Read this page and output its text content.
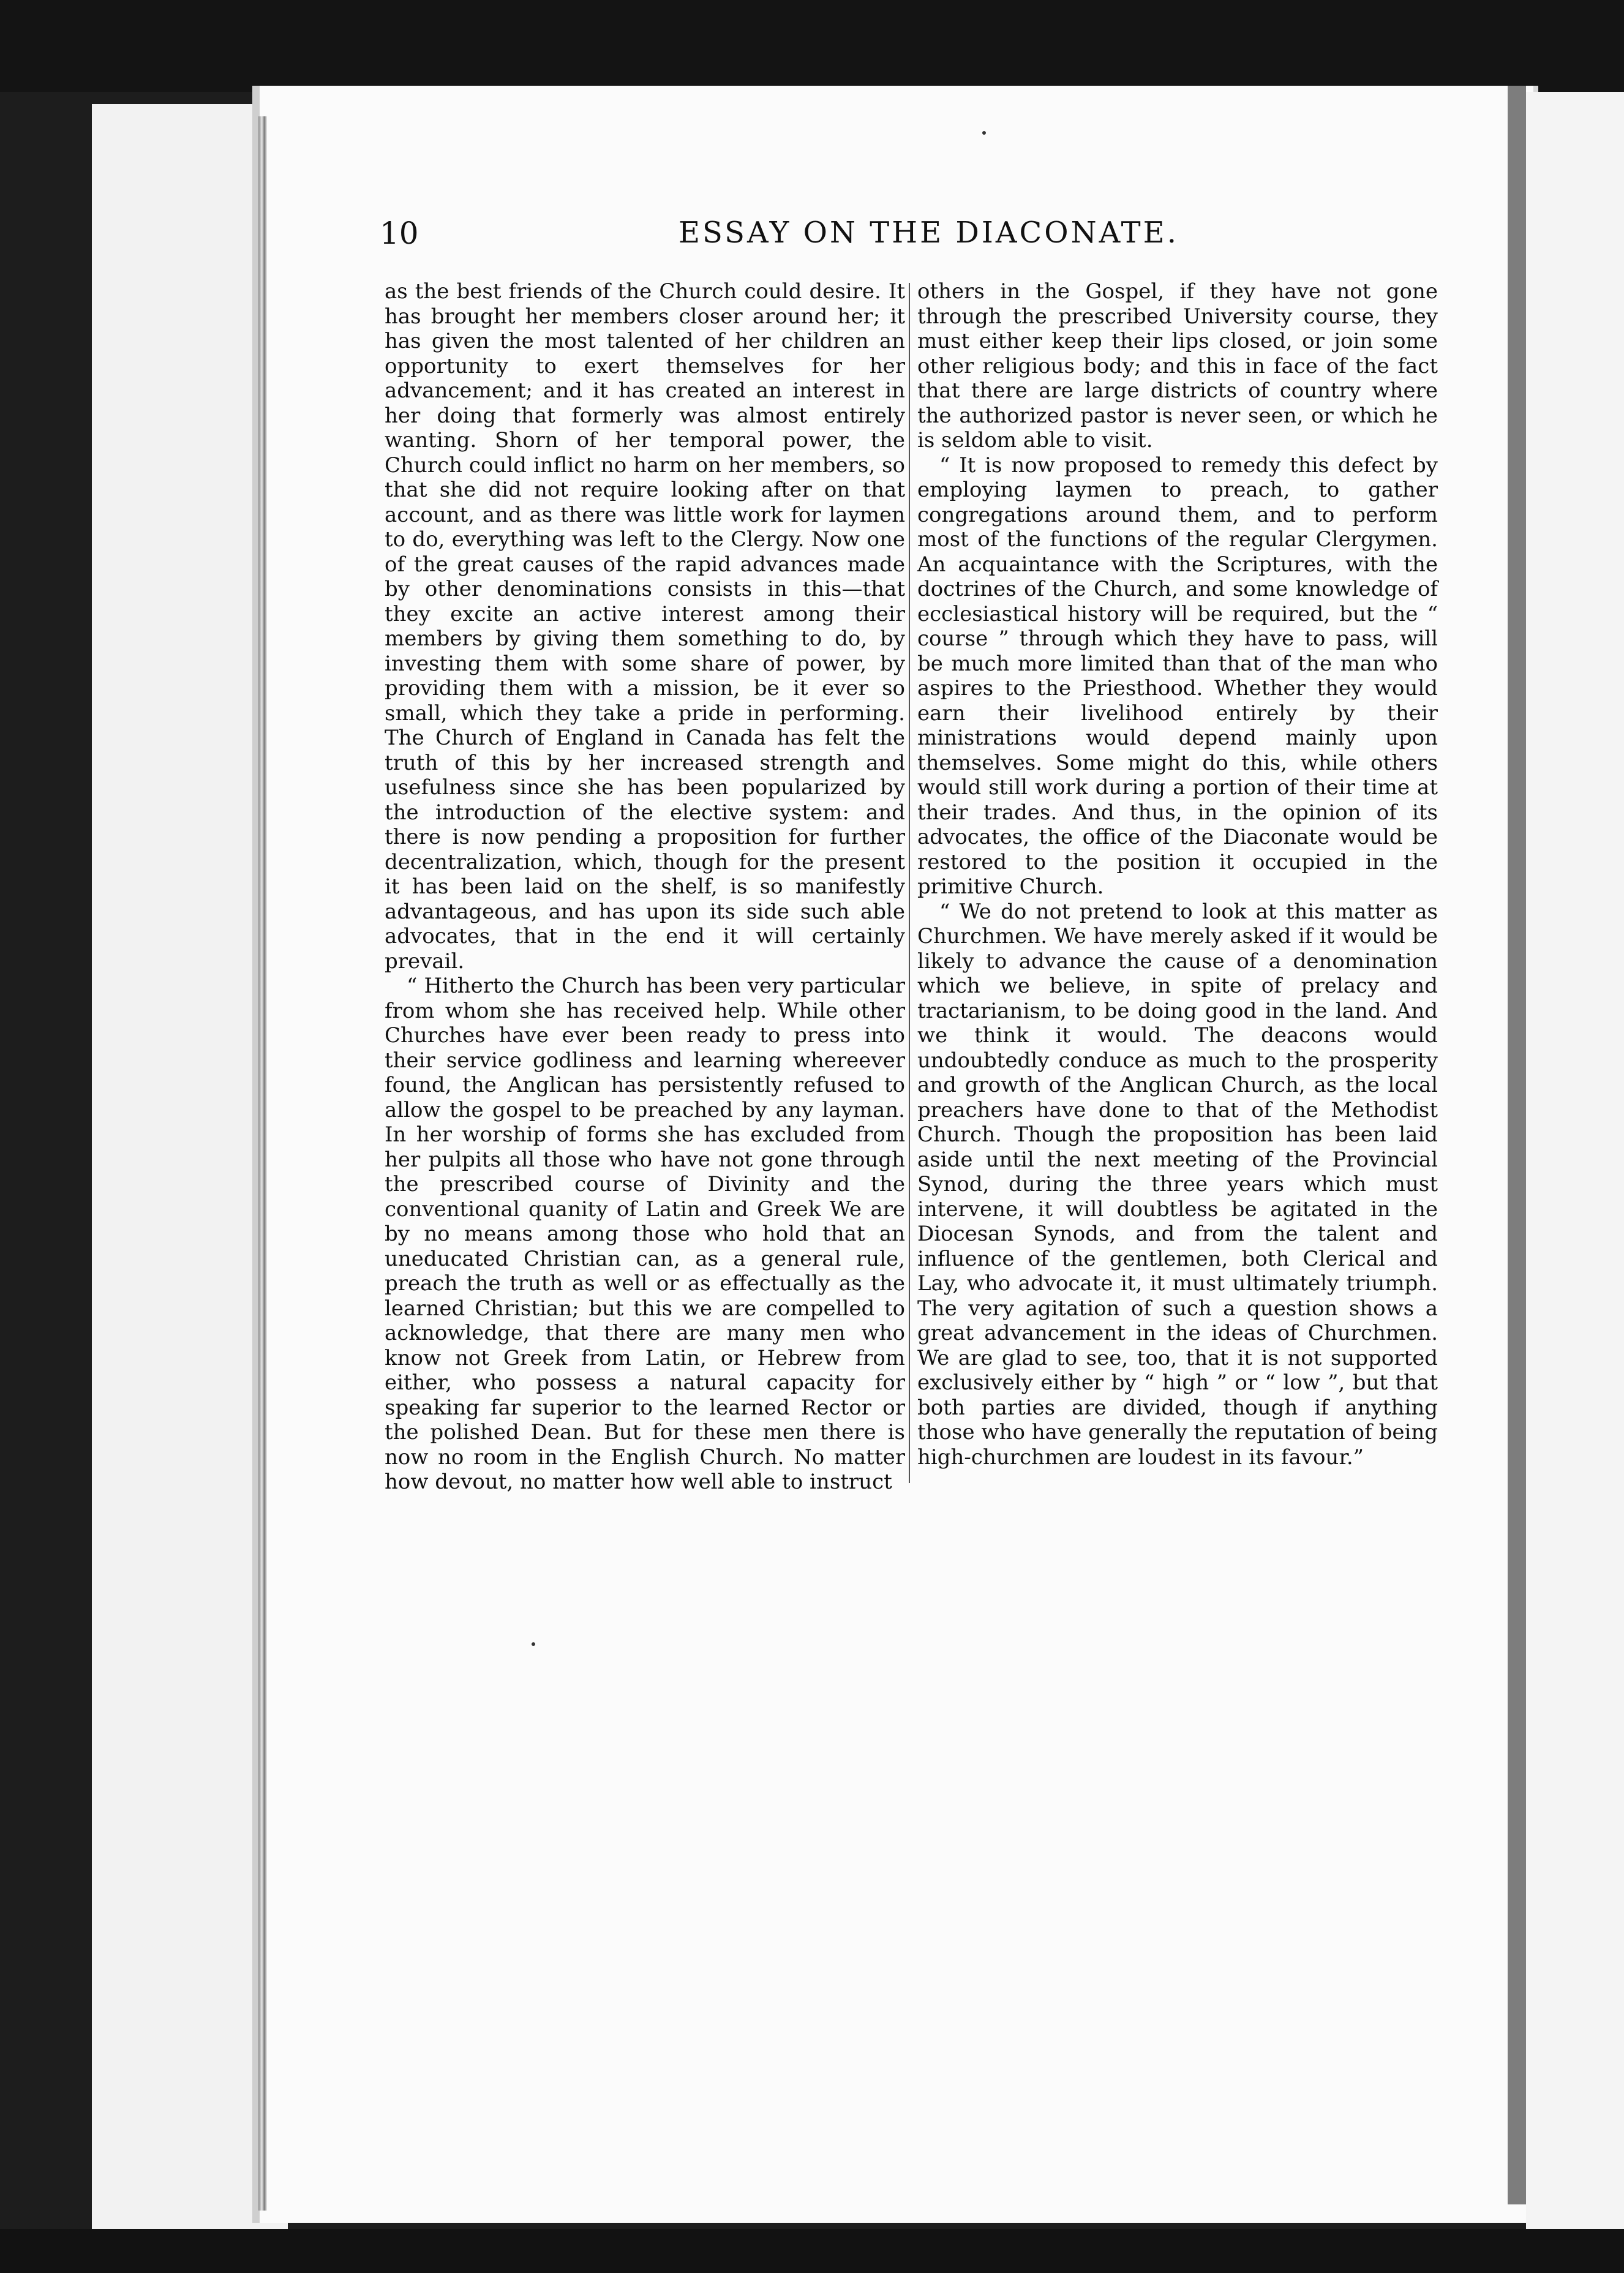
10	ESSAY ON THE DIACONATE.

as the best friends of the Church could desire. It has brought her members closer around her; it has given the most talented of her children an opportunity to exert themselves for her advancement; and it has created an interest in her doing that formerly was almost entirely wanting. Shorn of her temporal power, the Church could inflict no harm on her members, so that she did not require looking after on that account, and as there was little work for laymen to do, everything was left to the Clergy. Now one of the great causes of the rapid advances made by other denominations consists in this—that they excite an active interest among their members by giving them something to do, by investing them with some share of power, by providing them with a mission, be it ever so small, which they take a pride in performing. The Church of England in Canada has felt the truth of this by her increased strength and usefulness since she has been popularized by the introduction of the elective system: and there is now pending a proposition for further decentralization, which, though for the present it has been laid on the shelf, is so manifestly advantageous, and has upon its side such able advocates, that in the end it will certainly prevail.

“ Hitherto the Church has been very particular from whom she has received help. While other Churches have ever been ready to press into their service godliness and learning whereever found, the Anglican has persistently refused to allow the gospel to be preached by any layman. In her worship of forms she has excluded from her pulpits all those who have not gone through the prescribed course of Divinity and the conventional quanity of Latin and Greek We are by no means among those who hold that an uneducated Christian can, as a general rule, preach the truth as well or as effectually as the learned Christian; but this we are compelled to acknowledge, that there are many men who know not Greek from Latin, or Hebrew from either, who possess a natural capacity for speaking far superior to the learned Rector or the polished Dean. But for these men there is now no room in the English Church. No matter how devout, no matter how well able to instruct

others in the Gospel, if they have not gone through the prescribed University course, they must either keep their lips closed, or join some other religious body; and this in face of the fact that there are large districts of country where the authorized pastor is never seen, or which he is seldom able to visit.

“ It is now proposed to remedy this defect by employing laymen to preach, to gather congregations around them, and to perform most of the functions of the regular Clergymen. An acquaintance with the Scriptures, with the doctrines of the Church, and some knowledge of ecclesiastical history will be required, but the “ course ” through which they have to pass, will be much more limited than that of the man who aspires to the Priesthood. Whether they would earn their livelihood entirely by their ministrations would depend mainly upon themselves. Some might do this, while others would still work during a portion of their time at their trades. And thus, in the opinion of its advocates, the office of the Diaconate would be restored to the position it occupied in the primitive Church.

“ We do not pretend to look at this matter as Churchmen. We have merely asked if it would be likely to advance the cause of a denomination which we believe, in spite of prelacy and tractarianism, to be doing good in the land. And we think it would. The deacons would undoubtedly conduce as much to the prosperity and growth of the Anglican Church, as the local preachers have done to that of the Methodist Church. Though the proposition has been laid aside until the next meeting of the Provincial Synod, during the three years which must intervene, it will doubtless be agitated in the Diocesan Synods, and from the talent and influence of the gentlemen, both Clerical and Lay, who advocate it, it must ultimately triumph. The very agitation of such a question shows a great advancement in the ideas of Churchmen. We are glad to see, too, that it is not supported exclusively either by “ high ” or “ low ”, but that both parties are divided, though if anything those who have generally the reputation of being high-churchmen are loudest in its favour.”
